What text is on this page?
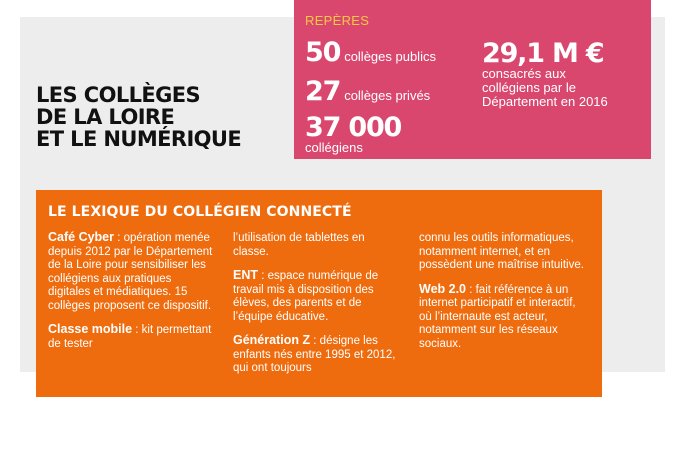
LES COLLÈGES
DE LA LOIRE
ET LE NUMÉRIQUE
REPÈRES
50 collèges publics
27 collèges privés
37 000
collégiens
29,1 M €
consacrés aux collégiens par le Département en 2016
LE LEXIQUE DU COLLÉGIEN CONNECTÉ

Café Cyber : opération menée depuis 2012 par le Département de la Loire pour sensibiliser les collégiens aux pratiques digitales et médiatiques. 15 collèges proposent ce dispositif.

Classe mobile : kit permettant de tester

l’utilisation de tablettes en classe.

ENT : espace numérique de travail mis à disposition des élèves, des parents et de l’équipe éducative.

Génération Z : désigne les enfants nés entre 1995 et 2012, qui ont toujours

connu les outils informatiques, notamment internet, et en possèdent une maîtrise intuitive.

Web 2.0 : fait référence à un internet participatif et interactif, où l’internaute est acteur, notamment sur les réseaux sociaux.
